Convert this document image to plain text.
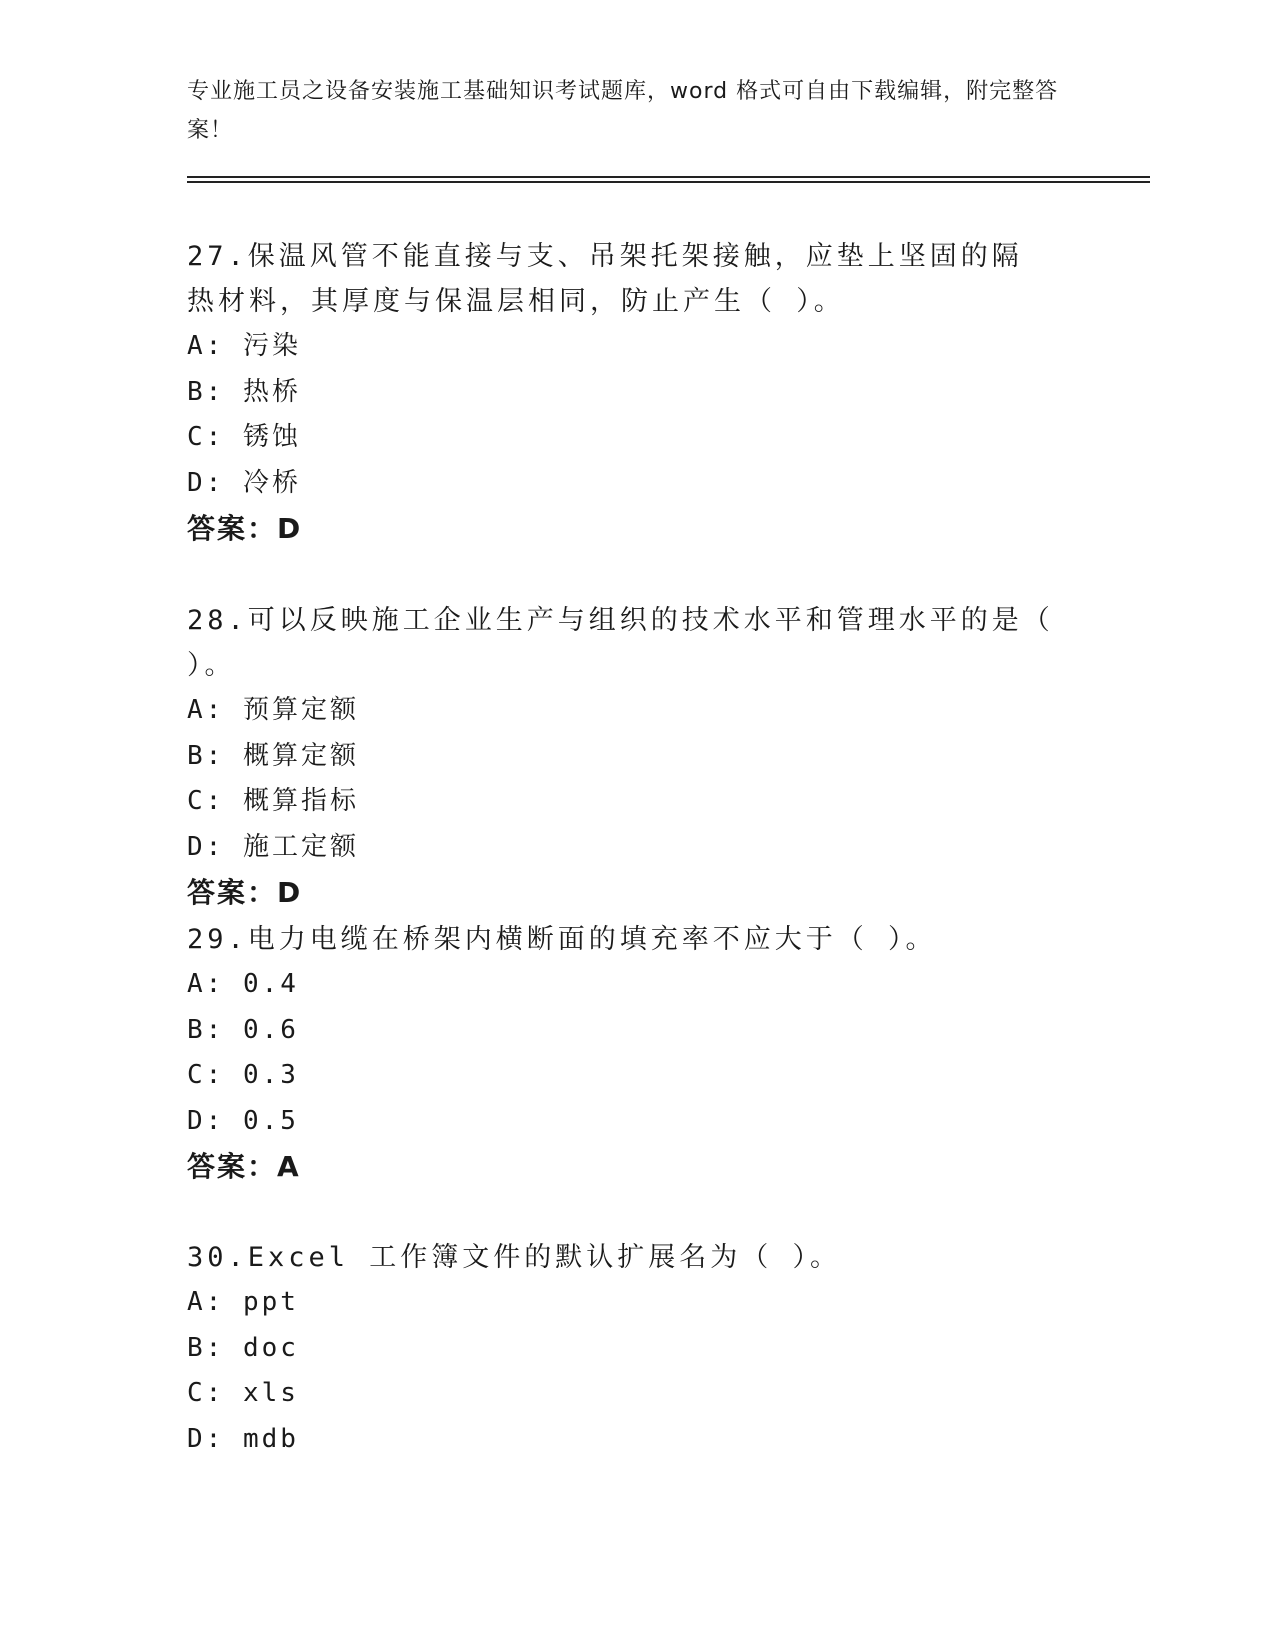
专业施工员之设备安装施工基础知识考试题库，word 格式可自由下载编辑，附完整答案！

27.保温风管不能直接与支、吊架托架接触，应垫上坚固的隔热材料，其厚度与保温层相同，防止产生（ ）。

A: 污染

B: 热桥

C: 锈蚀

D: 冷桥

答案：D

28.可以反映施工企业生产与组织的技术水平和管理水平的是（ ）。

A: 预算定额

B: 概算定额

C: 概算指标

D: 施工定额

答案：D

29.电力电缆在桥架内横断面的填充率不应大于（ ）。

A: 0.4

B: 0.6

C: 0.3

D: 0.5

答案：A

30.Excel 工作簿文件的默认扩展名为（ ）。

A: ppt

B: doc

C: xls

D: mdb
